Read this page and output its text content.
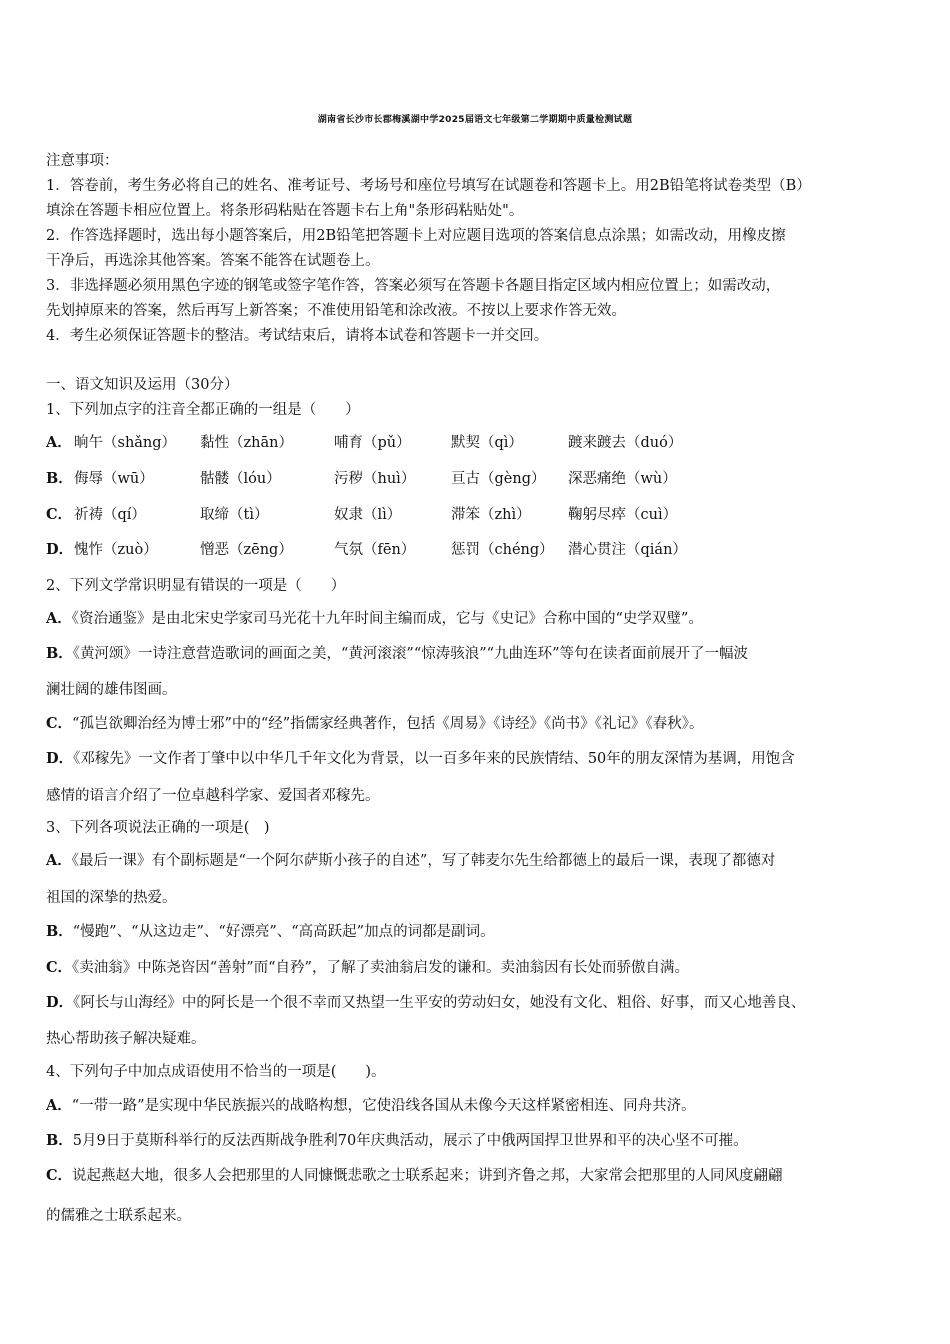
湖南省长沙市长郡梅溪湖中学2025届语文七年级第二学期期中质量检测试题
注意事项：
1．答卷前，考生务必将自己的姓名、准考证号、考场号和座位号填写在试题卷和答题卡上。用2B铅笔将试卷类型（B）
填涂在答题卡相应位置上。将条形码粘贴在答题卡右上角"条形码粘贴处"。
2．作答选择题时，选出每小题答案后，用2B铅笔把答题卡上对应题目选项的答案信息点涂黑；如需改动，用橡皮擦
干净后，再选涂其他答案。答案不能答在试题卷上。
3．非选择题必须用黑色字迹的钢笔或签字笔作答，答案必须写在答题卡各题目指定区域内相应位置上；如需改动，
先划掉原来的答案，然后再写上新答案；不准使用铅笔和涂改液。不按以上要求作答无效。
4．考生必须保证答题卡的整洁。考试结束后，请将本试卷和答题卡一并交回。
一、语文知识及运用（30分）
1、下列加点字的注音全都正确的一组是（　　）
A． 晌午（shǎng） 黏性（zhān）	哺育（pǔ）	默契（qì）	踱来踱去（duó）
B． 侮辱（wū）	骷髅（lóu）	污秽（huì） 亘古（gèng） 深恶痛绝（wù）
C． 祈祷（qí）	取缔（tì）	奴隶（lì）	滞笨（zhì）	鞠躬尽瘁（cuì）
D． 愧怍（zuò）	憎恶（zēng）	气氛（fēn） 惩罚（chéng） 潜心贯注（qián）
2、下列文学常识明显有错误的一项是（　　）
A．《资治通鉴》是由北宋史学家司马光花十九年时间主编而成，它与《史记》合称中国的“史学双璧”。
B．《黄河颂》一诗注意营造歌词的画面之美，“黄河滚滚”“惊涛骇浪”“九曲连环”等句在读者面前展开了一幅波
澜壮阔的雄伟图画。
C．“孤岂欲卿治经为博士邪”中的“经”指儒家经典著作，包括《周易》《诗经》《尚书》《礼记》《春秋》。
D．《邓稼先》一文作者丁肇中以中华几千年文化为背景，以一百多年来的民族情结、50年的朋友深情为基调，用饱含
感情的语言介绍了一位卓越科学家、爱国者邓稼先。
3、下列各项说法正确的一项是(　)
A．《最后一课》有个副标题是“一个阿尔萨斯小孩子的自述”，写了韩麦尔先生给都德上的最后一课，表现了都德对
祖国的深挚的热爱。
B．“慢跑”、“从这边走”、“好漂亮”、“高高跃起”加点的词都是副词。
C．《卖油翁》中陈尧咨因“善射”而“自矜”，了解了卖油翁启发的谦和。卖油翁因有长处而骄傲自满。
D．《阿长与山海经》中的阿长是一个很不幸而又热望一生平安的劳动妇女，她没有文化、粗俗、好事，而又心地善良、
热心帮助孩子解决疑难。
4、下列句子中加点成语使用不恰当的一项是(　　)。
A．“一带一路”是实现中华民族振兴的战略构想，它使沿线各国从未像今天这样紧密相连、同舟共济。
B．5月9日于莫斯科举行的反法西斯战争胜利70年庆典活动，展示了中俄两国捍卫世界和平的决心坚不可摧。
C．说起燕赵大地，很多人会把那里的人同慷慨悲歌之士联系起来；讲到齐鲁之邦，大家常会把那里的人同风度翩翩
的儒雅之士联系起来。
